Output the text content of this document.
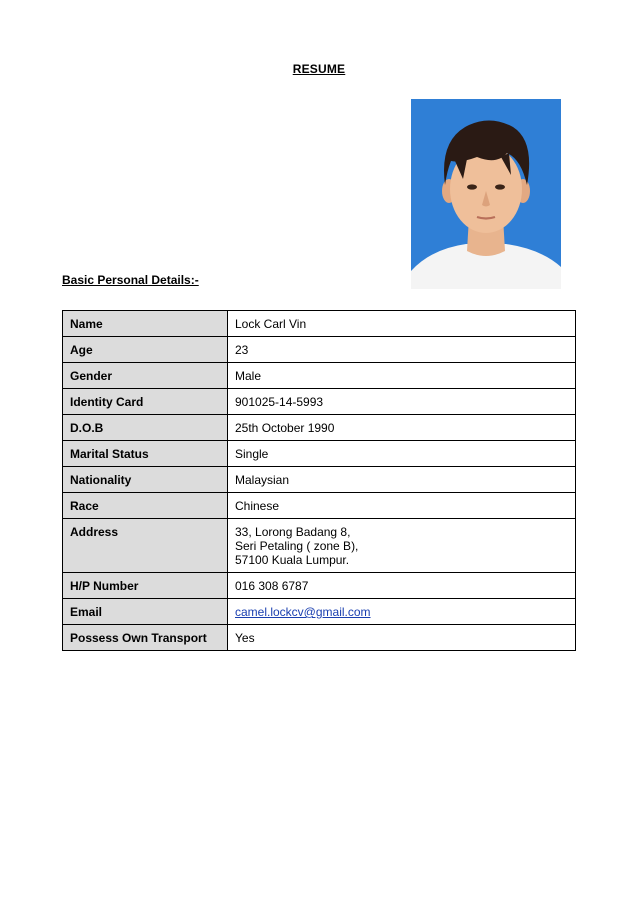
RESUME
Basic Personal Details:-
Name	Lock Carl Vin
Age	23
Gender	Male
Identity Card	901025-14-5993
D.O.B	25th October 1990
Marital Status	Single
Nationality	Malaysian
Race	Chinese
Address	33, Lorong Badang 8,
Seri Petaling ( zone B),
57100 Kuala Lumpur.

H/P Number	016 308 6787
Email	camel.lockcv@gmail.com
Possess Own Transport	Yes
